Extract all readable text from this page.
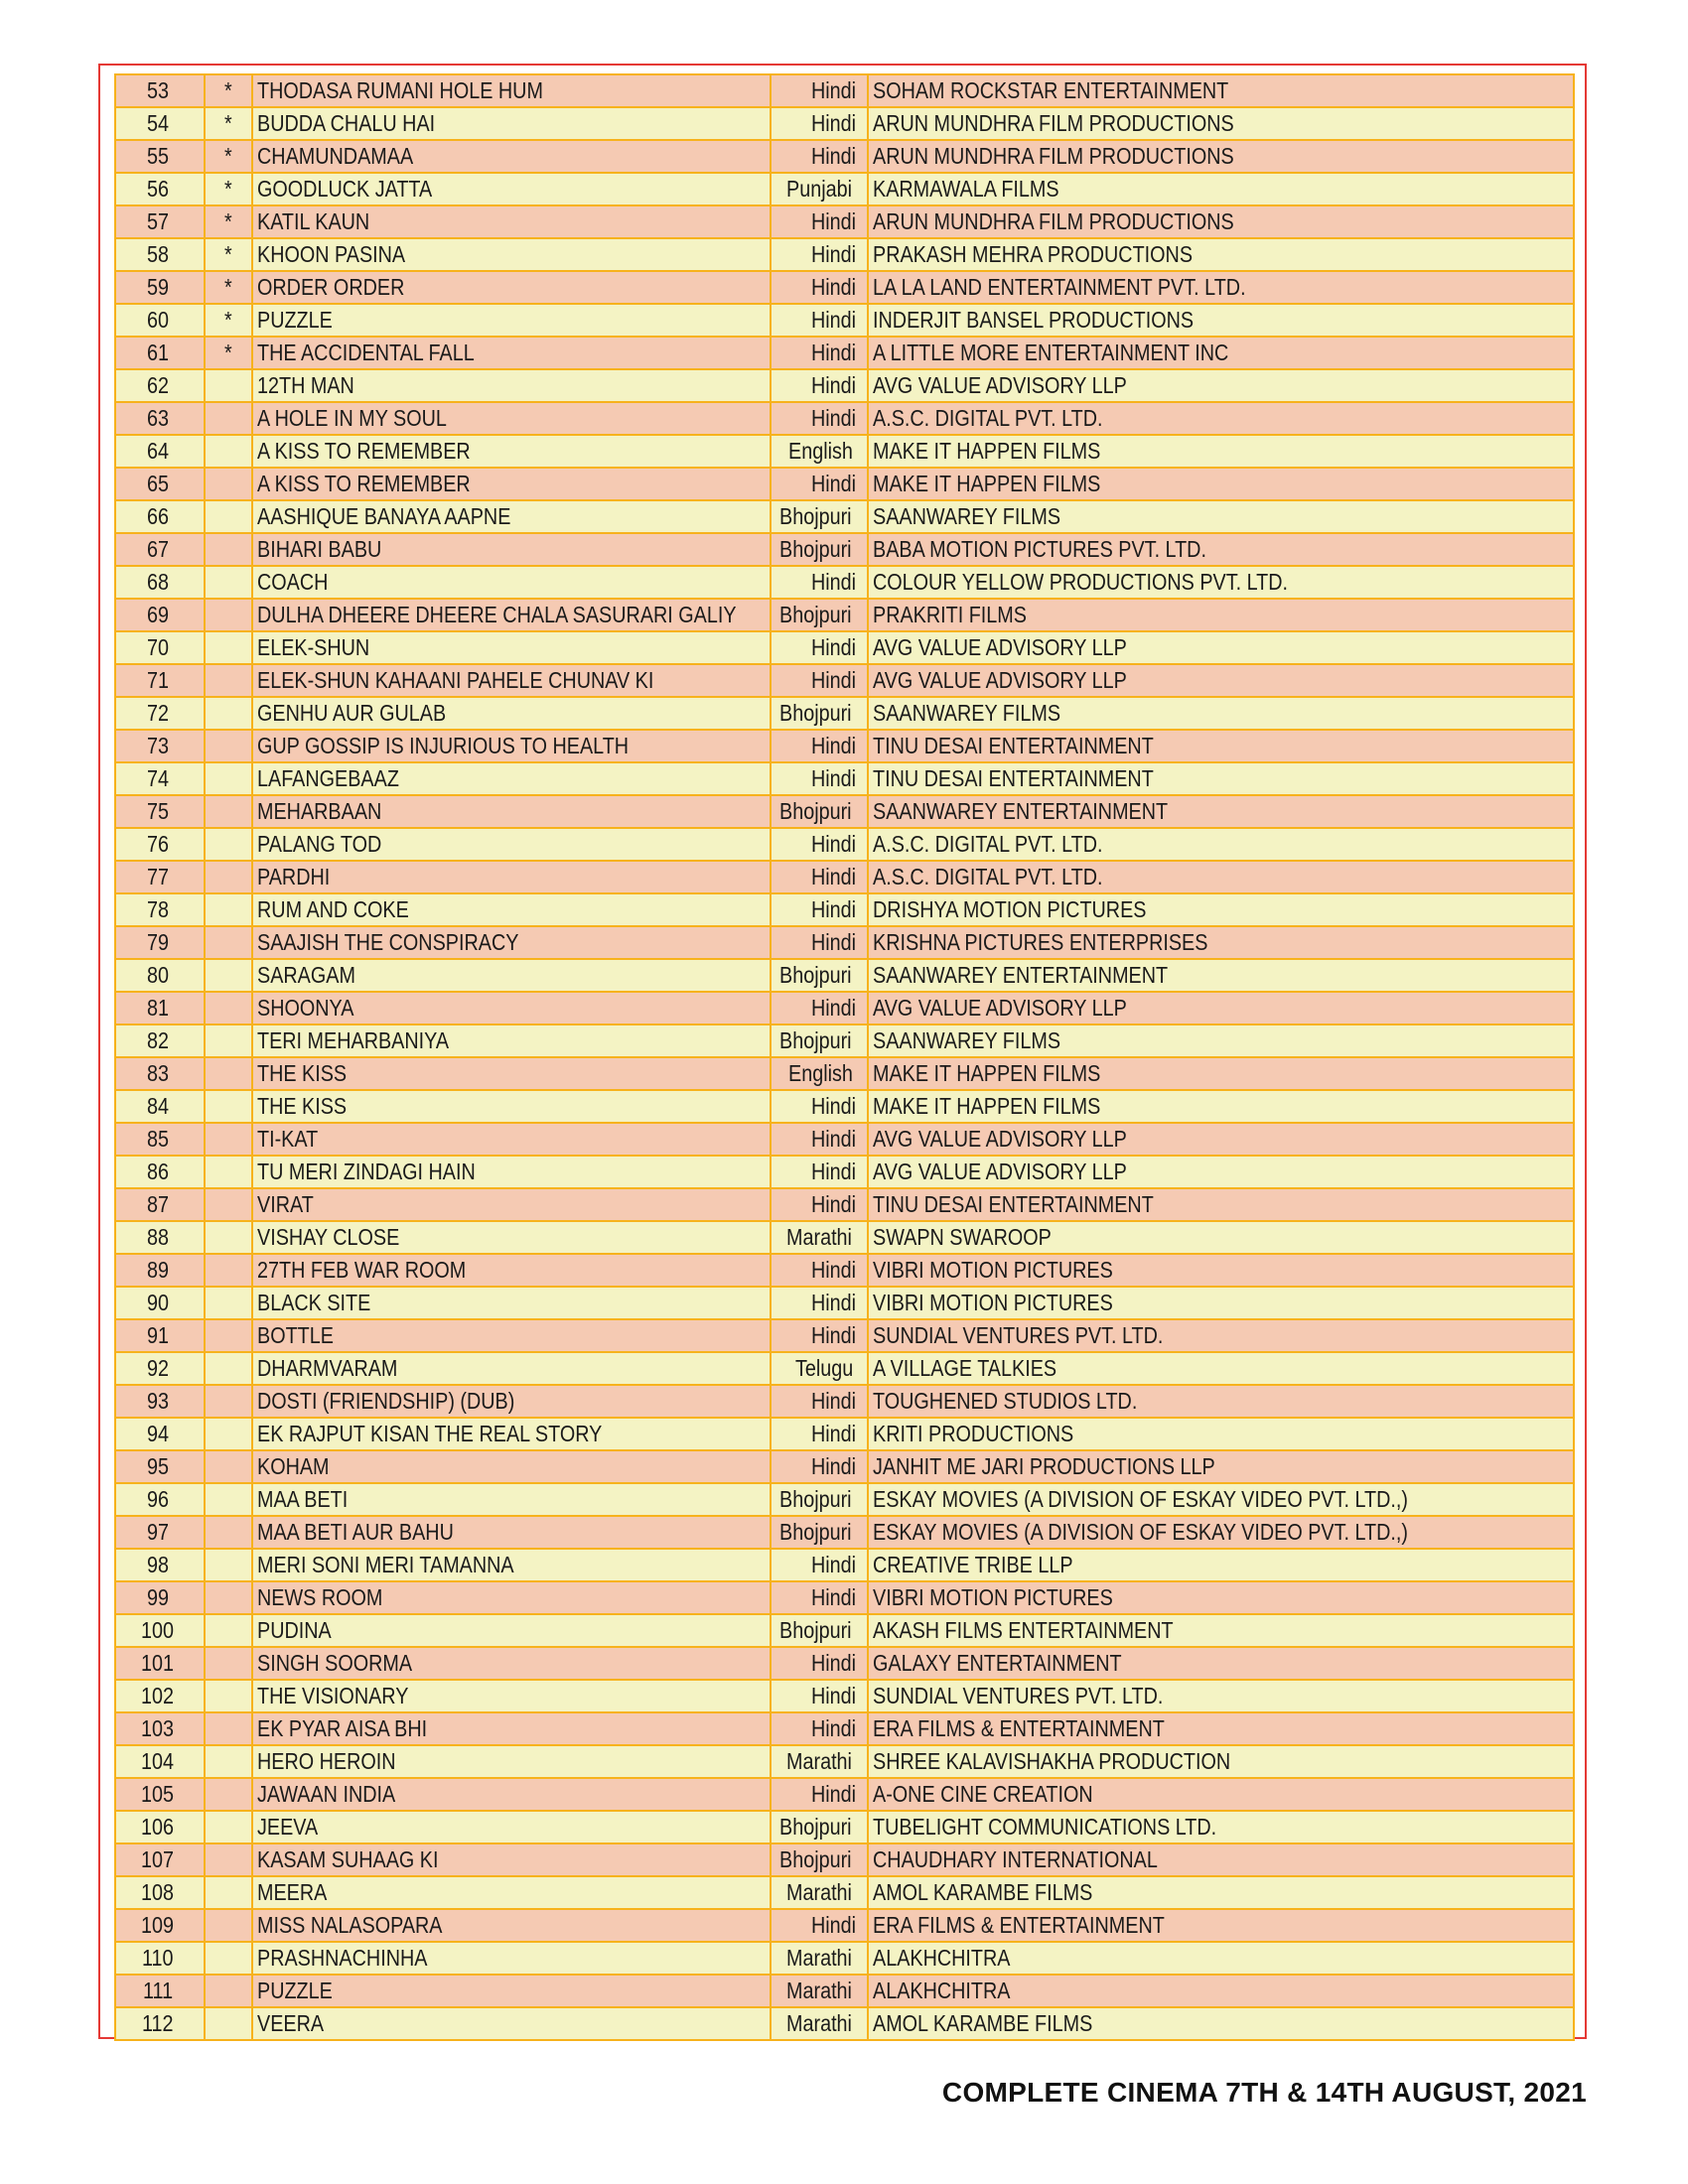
53	*	THODASA RUMANI HOLE HUM	Hindi	SOHAM ROCKSTAR ENTERTAINMENT
54	*	BUDDA CHALU HAI	Hindi	ARUN MUNDHRA FILM PRODUCTIONS
55	*	CHAMUNDAMAA	Hindi	ARUN MUNDHRA FILM PRODUCTIONS
56	*	GOODLUCK JATTA	Punjabi	KARMAWALA FILMS
57	*	KATIL KAUN	Hindi	ARUN MUNDHRA FILM PRODUCTIONS
58	*	KHOON PASINA	Hindi	PRAKASH MEHRA PRODUCTIONS
59	*	ORDER ORDER	Hindi	LA LA LAND ENTERTAINMENT PVT. LTD.
60	*	PUZZLE	Hindi	INDERJIT BANSEL PRODUCTIONS
61	*	THE ACCIDENTAL FALL	Hindi	A LITTLE MORE ENTERTAINMENT INC
62		12TH MAN	Hindi	AVG VALUE ADVISORY LLP
63		A HOLE IN MY SOUL	Hindi	A.S.C. DIGITAL PVT. LTD.
64		A KISS TO REMEMBER	English	MAKE IT HAPPEN FILMS
65		A KISS TO REMEMBER	Hindi	MAKE IT HAPPEN FILMS
66		AASHIQUE BANAYA AAPNE	Bhojpuri	SAANWAREY FILMS
67		BIHARI BABU	Bhojpuri	BABA MOTION PICTURES PVT. LTD.
68		COACH	Hindi	COLOUR YELLOW PRODUCTIONS PVT. LTD.
69		DULHA DHEERE DHEERE CHALA SASURARI GALIY	Bhojpuri	PRAKRITI FILMS
70		ELEK-SHUN	Hindi	AVG VALUE ADVISORY LLP
71		ELEK-SHUN KAHAANI PAHELE CHUNAV KI	Hindi	AVG VALUE ADVISORY LLP
72		GENHU AUR GULAB	Bhojpuri	SAANWAREY FILMS
73		GUP GOSSIP IS INJURIOUS TO HEALTH	Hindi	TINU DESAI ENTERTAINMENT
74		LAFANGEBAAZ	Hindi	TINU DESAI ENTERTAINMENT
75		MEHARBAAN	Bhojpuri	SAANWAREY ENTERTAINMENT
76		PALANG TOD	Hindi	A.S.C. DIGITAL PVT. LTD.
77		PARDHI	Hindi	A.S.C. DIGITAL PVT. LTD.
78		RUM AND COKE	Hindi	DRISHYA MOTION PICTURES
79		SAAJISH THE CONSPIRACY	Hindi	KRISHNA PICTURES ENTERPRISES
80		SARAGAM	Bhojpuri	SAANWAREY ENTERTAINMENT
81		SHOONYA	Hindi	AVG VALUE ADVISORY LLP
82		TERI MEHARBANIYA	Bhojpuri	SAANWAREY FILMS
83		THE KISS	English	MAKE IT HAPPEN FILMS
84		THE KISS	Hindi	MAKE IT HAPPEN FILMS
85		TI-KAT	Hindi	AVG VALUE ADVISORY LLP
86		TU MERI ZINDAGI HAIN	Hindi	AVG VALUE ADVISORY LLP
87		VIRAT	Hindi	TINU DESAI ENTERTAINMENT
88		VISHAY CLOSE	Marathi	SWAPN SWAROOP
89		27TH FEB WAR ROOM	Hindi	VIBRI MOTION PICTURES
90		BLACK SITE	Hindi	VIBRI MOTION PICTURES
91		BOTTLE	Hindi	SUNDIAL VENTURES PVT. LTD.
92		DHARMVARAM	Telugu	A VILLAGE TALKIES
93		DOSTI (FRIENDSHIP) (DUB)	Hindi	TOUGHENED STUDIOS LTD.
94		EK RAJPUT KISAN THE REAL STORY	Hindi	KRITI PRODUCTIONS
95		KOHAM	Hindi	JANHIT ME JARI PRODUCTIONS LLP
96		MAA BETI	Bhojpuri	ESKAY MOVIES (A DIVISION OF ESKAY VIDEO PVT. LTD.,)
97		MAA BETI AUR BAHU	Bhojpuri	ESKAY MOVIES (A DIVISION OF ESKAY VIDEO PVT. LTD.,)
98		MERI SONI MERI TAMANNA	Hindi	CREATIVE TRIBE LLP
99		NEWS ROOM	Hindi	VIBRI MOTION PICTURES
100		PUDINA	Bhojpuri	AKASH FILMS ENTERTAINMENT
101		SINGH SOORMA	Hindi	GALAXY ENTERTAINMENT
102		THE VISIONARY	Hindi	SUNDIAL VENTURES PVT. LTD.
103		EK PYAR AISA BHI	Hindi	ERA FILMS & ENTERTAINMENT
104		HERO HEROIN	Marathi	SHREE KALAVISHAKHA PRODUCTION
105		JAWAAN INDIA	Hindi	A-ONE CINE CREATION
106		JEEVA	Bhojpuri	TUBELIGHT COMMUNICATIONS LTD.
107		KASAM SUHAAG KI	Bhojpuri	CHAUDHARY INTERNATIONAL
108		MEERA	Marathi	AMOL KARAMBE FILMS
109		MISS NALASOPARA	Hindi	ERA FILMS & ENTERTAINMENT
110		PRASHNACHINHA	Marathi	ALAKHCHITRA
111		PUZZLE	Marathi	ALAKHCHITRA
112		VEERA	Marathi	AMOL KARAMBE FILMS
COMPLETE CINEMA 7TH & 14TH AUGUST, 2021
